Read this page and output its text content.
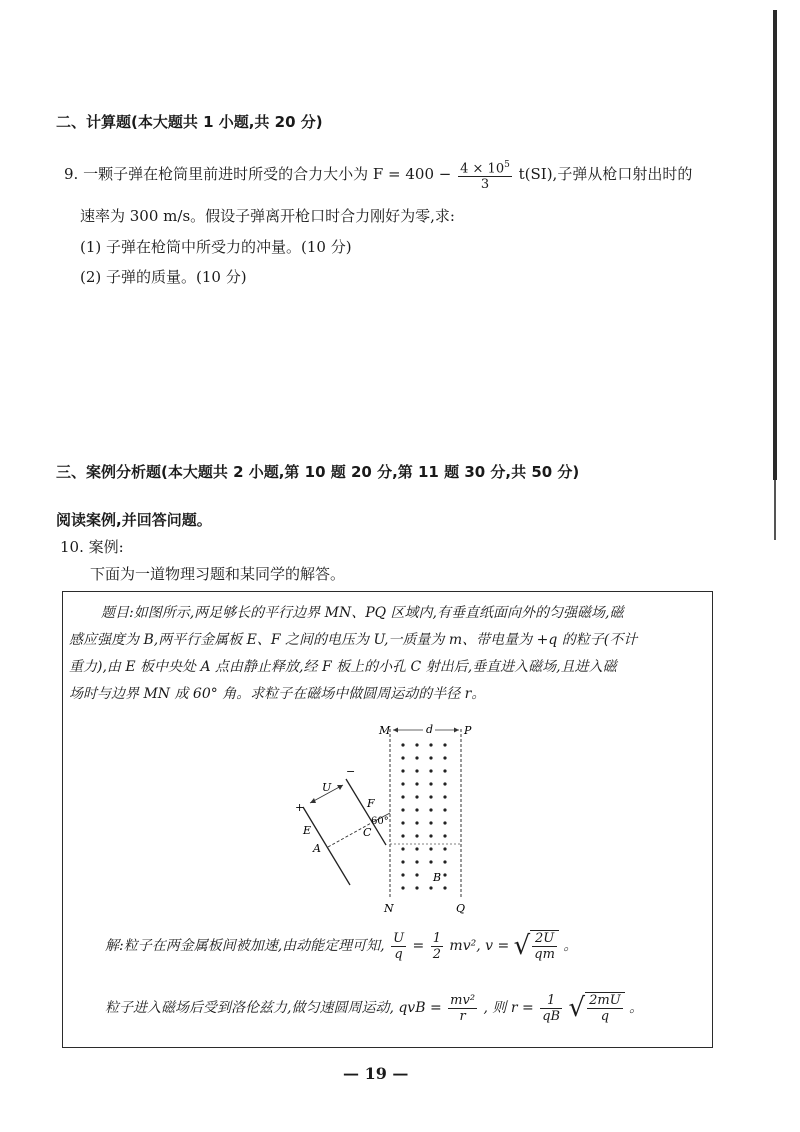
二、计算题(本大题共 1 小题,共 20 分)
9. 一颗子弹在枪筒里前进时所受的合力大小为 $F = 400 - \frac{4 \times 10^5}{3} t(SI)$,子弹从枪口射出时的
速率为 300 m/s。假设子弹离开枪口时合力刚好为零,求:
(1) 子弹在枪筒中所受力的冲量。(10 分)
(2) 子弹的质量。(10 分)
三、案例分析题(本大题共 2 小题,第 10 题 20 分,第 11 题 30 分,共 50 分)
阅读案例,并回答问题。
10. 案例:
下面为一道物理习题和某同学的解答。
题目:如图所示,两足够长的平行边界 MN、PQ 区域内,有垂直纸面向外的匀强磁场,磁
感应强度为 B,两平行金属板 E、F 之间的电压为 U,一质量为 m、带电量为 +q 的粒子(不计
重力),由 E 板中央处 A 点由静止释放,经 F 板上的小孔 C 射出后,垂直进入磁场,且进入磁
场时与边界 MN 成 60° 角。求粒子在磁场中做圆周运动的半径 r。
M	P
d
N	Q
B
+
−
U
A
E
F
C
60°
解:粒子在两金属板间被加速,由动能定理可知, $\frac{U}{q} = \frac{1}{2} mv^2$, v = √ $\frac{2U}{qm}$ 。
粒子进入磁场后受到洛伦兹力,做匀速圆周运动, qvB = $\frac{\text{mv²}}{r}$ , 则 $r = \frac{1}{qB}$ √ $\frac{2mU}{q}$ 。
— 19 —
